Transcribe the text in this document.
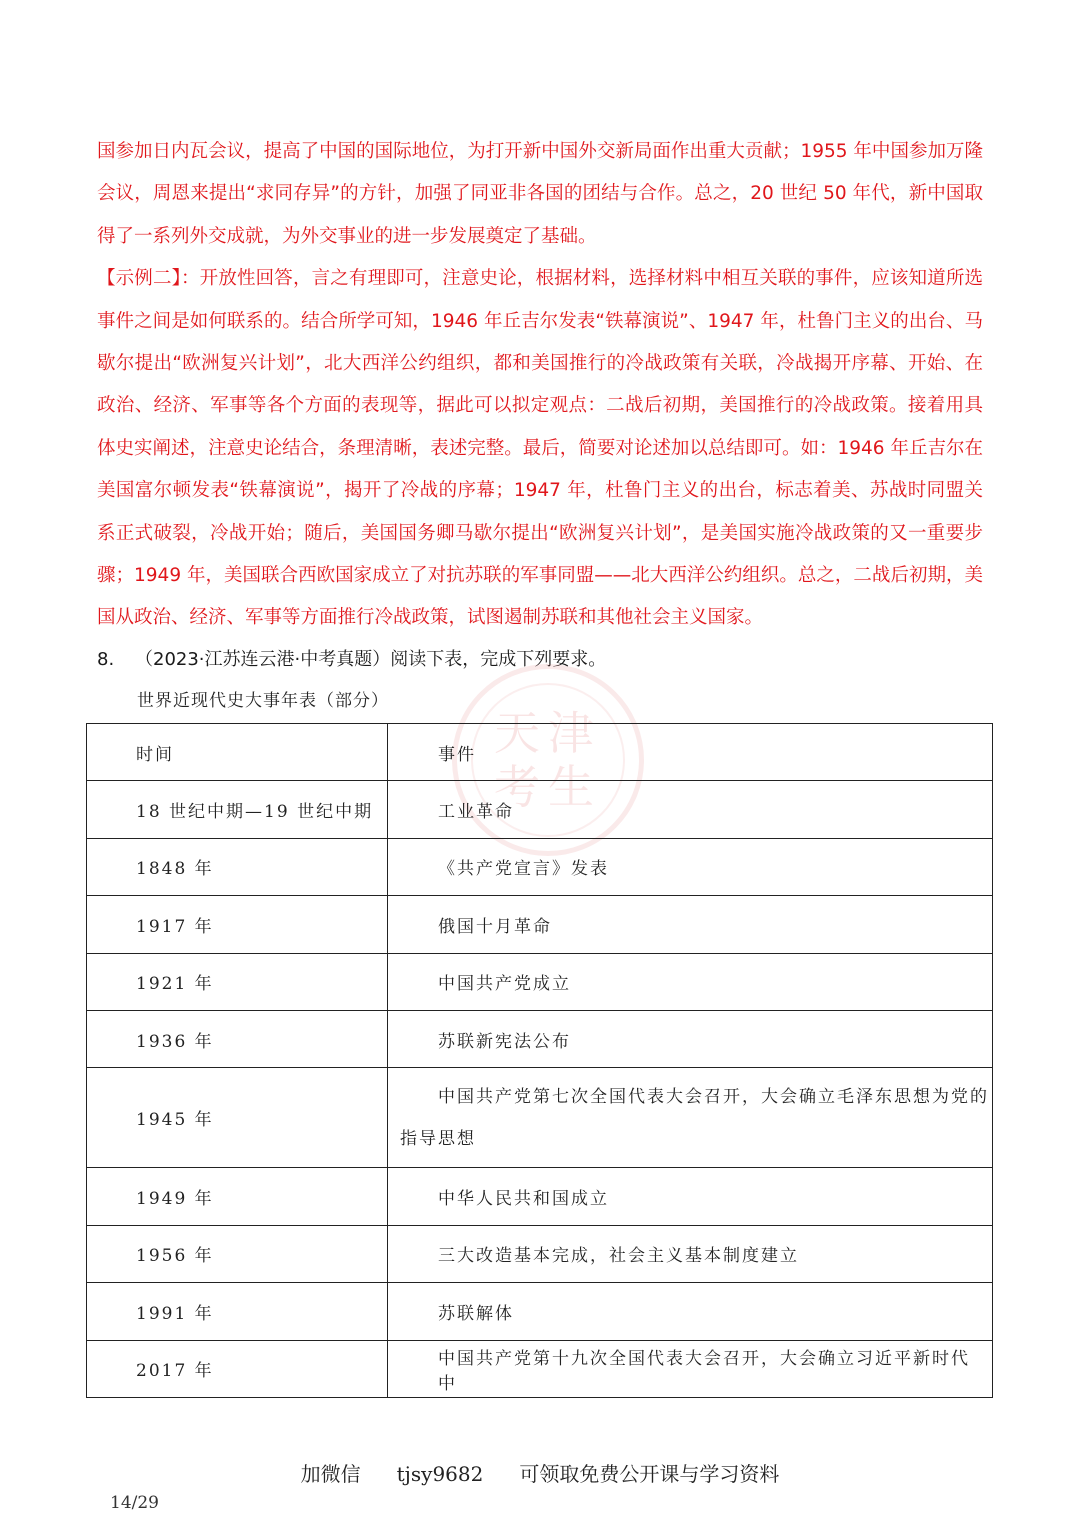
国参加日内瓦会议，提高了中国的国际地位，为打开新中国外交新局面作出重大贡献；1955 年中国参加万隆会议，周恩来提出“求同存异”的方针，加强了同亚非各国的团结与合作。总之，20 世纪 50 年代，新中国取得了一系列外交成就，为外交事业的进一步发展奠定了基础。

【示例二】：开放性回答，言之有理即可，注意史论，根据材料，选择材料中相互关联的事件，应该知道所选事件之间是如何联系的。结合所学可知，1946 年丘吉尔发表“铁幕演说”、1947 年，杜鲁门主义的出台、马歇尔提出“欧洲复兴计划”，北大西洋公约组织，都和美国推行的冷战政策有关联，冷战揭开序幕、开始、在政治、经济、军事等各个方面的表现等，据此可以拟定观点：二战后初期，美国推行的冷战政策。接着用具体史实阐述，注意史论结合，条理清晰，表述完整。最后，简要对论述加以总结即可。如：1946 年丘吉尔在美国富尔顿发表“铁幕演说”，揭开了冷战的序幕；1947 年，杜鲁门主义的出台，标志着美、苏战时同盟关系正式破裂，冷战开始；随后，美国国务卿马歇尔提出“欧洲复兴计划”，是美国实施冷战政策的又一重要步骤；1949 年，美国联合西欧国家成立了对抗苏联的军事同盟——北大西洋公约组织。总之，二战后初期，美国从政治、经济、军事等方面推行冷战政策，试图遏制苏联和其他社会主义国家。

8. （2023·江苏连云港·中考真题）阅读下表，完成下列要求。
世界近现代史大事年表（部分）
天津
考生
时间	事件
18 世纪中期—19 世纪中期	工业革命
1848 年	《共产党宣言》发表
1917 年	俄国十月革命
1921 年	中国共产党成立
1936 年	苏联新宪法公布
1945 年	中国共产党第七次全国代表大会召开，大会确立毛泽东思想为党的
指导思想
1949 年	中华人民共和国成立
1956 年	三大改造基本完成，社会主义基本制度建立
1991 年	苏联解体
2017 年	中国共产党第十九次全国代表大会召开，大会确立习近平新时代中
加微信 tjsy9682 可领取免费公开课与学习资料
14/29
